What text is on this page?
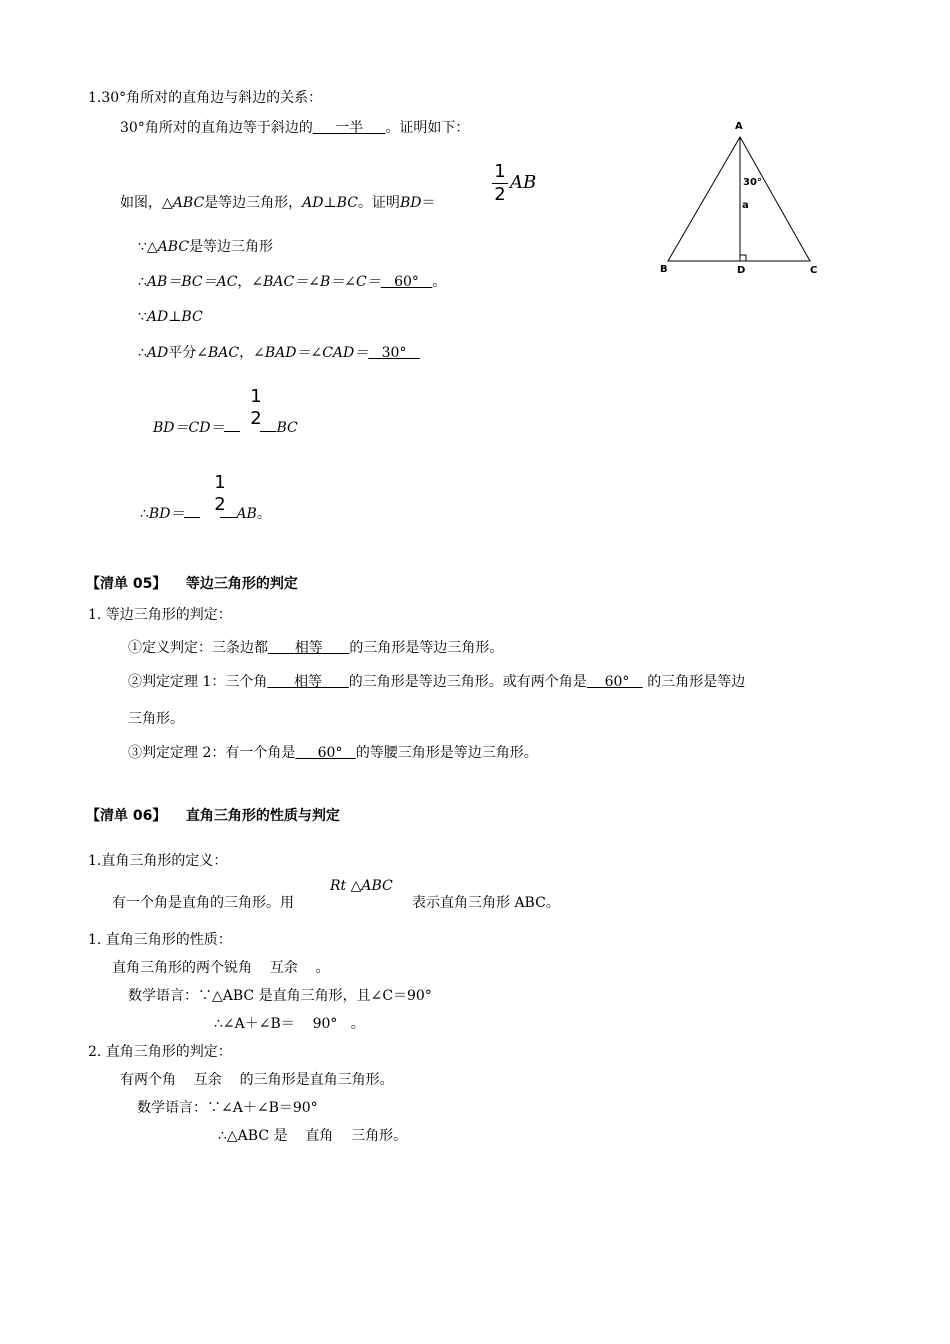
1.30°角所对的直角边与斜边的关系：
30°角所对的直角边等于斜边的 一半 。证明如下：
如图，△ABC是等边三角形，AD⊥BC。证明BD＝
1
2
AB
∵△ABC是等边三角形
∴AB＝BC＝AC，∠BAC＝∠B＝∠C＝ 60° 。
∵AD⊥BC
∴AD平分∠BAC，∠BAD＝∠CAD＝ 30°
BD＝CD＝	BC
1
2
∴BD＝	AB。
1
2
A
B	C
D
30°
a
【清单 05】 等边三角形的判定
1. 等边三角形的判定：
①定义判定：三条边都 相等 的三角形是等边三角形。
②判定定理 1：三个角 相等 的三角形是等边三角形。或有两个角是 60° 的三角形是等边
三角形。
③判定定理 2：有一个角是 60° 的等腰三角形是等边三角形。
【清单 06】 直角三角形的性质与判定
1.直角三角形的定义：
有一个角是直角的三角形。用
Rt △ABC
表示直角三角形 ABC。
1. 直角三角形的性质：
直角三角形的两个锐角    互余    。
数学语言：∵△ABC 是直角三角形，且∠C＝90°
∴∠A＋∠B＝    90°   。
2. 直角三角形的判定：
有两个角    互余    的三角形是直角三角形。
数学语言：∵∠A＋∠B＝90°
∴△ABC 是    直角    三角形。
